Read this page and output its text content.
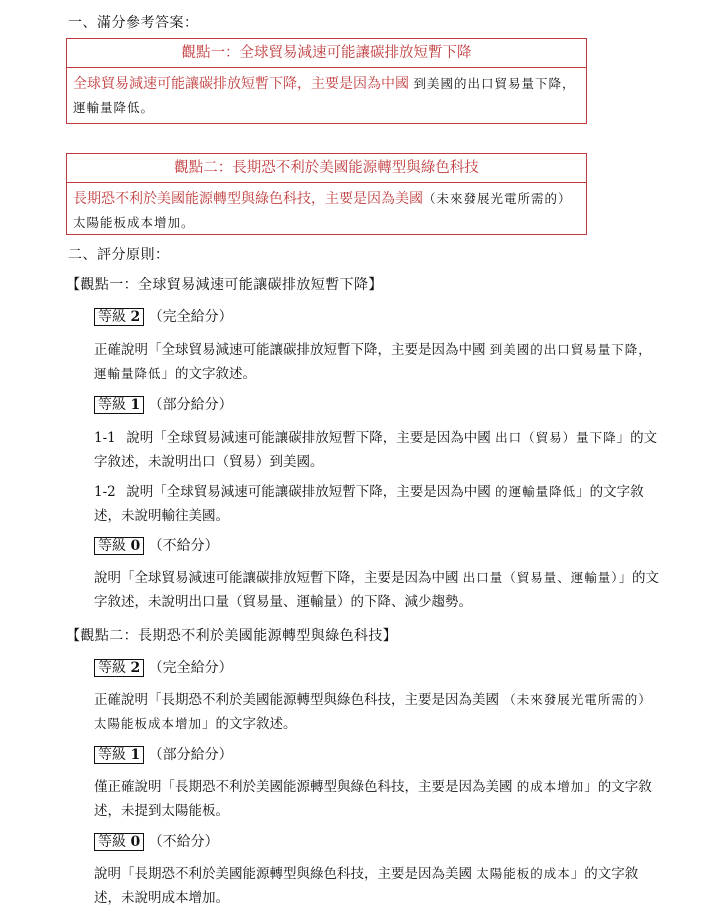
一、滿分參考答案：
觀點一：全球貿易減速可能讓碳排放短暫下降
全球貿易減速可能讓碳排放短暫下降，主要是因為中國 到美國的出口貿易量下降，運輸量降低。
觀點二：長期恐不利於美國能源轉型與綠色科技
長期恐不利於美國能源轉型與綠色科技，主要是因為美國（未來發展光電所需的）太陽能板成本增加。
二、評分原則：
【觀點一：全球貿易減速可能讓碳排放短暫下降】
等級 2 （完全給分）
正確說明「全球貿易減速可能讓碳排放短暫下降，主要是因為中國 到美國的出口貿易量下降，運輸量降低」的文字敘述。
等級 1 （部分給分）
1-1 說明「全球貿易減速可能讓碳排放短暫下降，主要是因為中國 出口（貿易）量下降」的文字敘述，未說明出口（貿易）到美國。
1-2 說明「全球貿易減速可能讓碳排放短暫下降，主要是因為中國 的運輸量降低」的文字敘述，未說明輸往美國。
等級 0 （不給分）
說明「全球貿易減速可能讓碳排放短暫下降，主要是因為中國 出口量（貿易量、運輸量）」的文字敘述，未說明出口量（貿易量、運輸量）的下降、減少趨勢。
【觀點二：長期恐不利於美國能源轉型與綠色科技】
等級 2 （完全給分）
正確說明「長期恐不利於美國能源轉型與綠色科技，主要是因為美國 （未來發展光電所需的）太陽能板成本增加」的文字敘述。
等級 1 （部分給分）
僅正確說明「長期恐不利於美國能源轉型與綠色科技，主要是因為美國 的成本增加」的文字敘述，未提到太陽能板。
等級 0 （不給分）
說明「長期恐不利於美國能源轉型與綠色科技，主要是因為美國 太陽能板的成本」的文字敘述，未說明成本增加。
